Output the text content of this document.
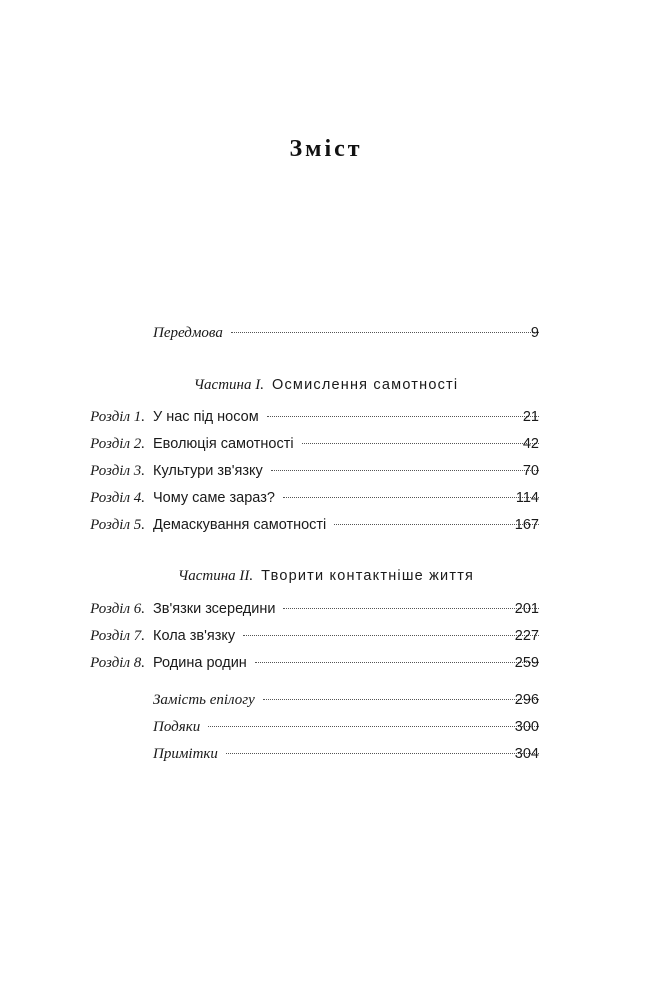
Зміст
Передмова	9
Частина І. Осмислення самотності
Розділ 1. У нас під носом	21
Розділ 2. Еволюція самотності	42
Розділ 3. Культури зв'язку	70
Розділ 4. Чому саме зараз?	114
Розділ 5. Демаскування самотності	167
Частина ІІ. Творити контактніше життя
Розділ 6. Зв'язки зсередини	201
Розділ 7. Кола зв'язку	227
Розділ 8. Родина родин	259
Замість епілогу	296
Подяки	300
Примітки	304
